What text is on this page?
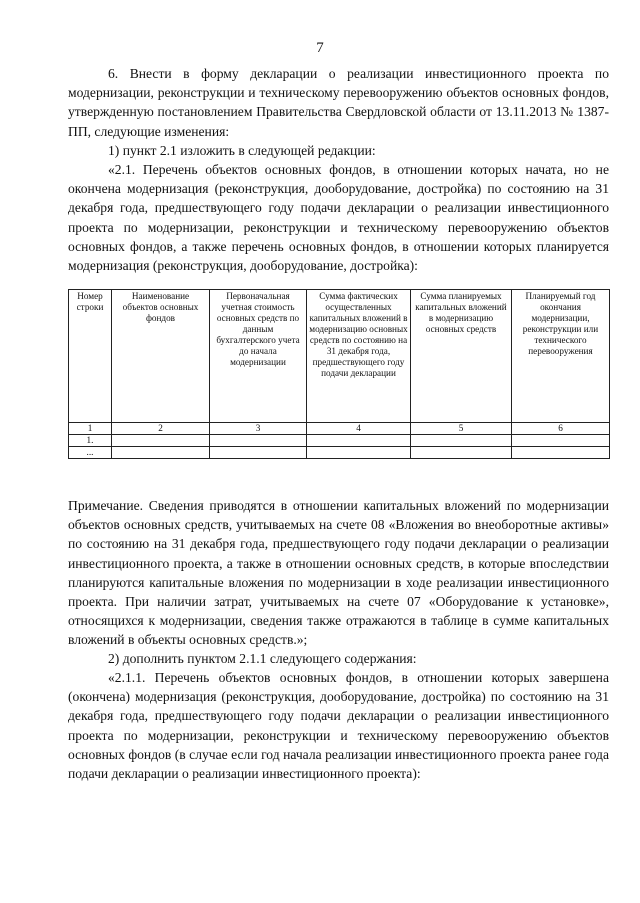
7
6. Внести в форму декларации о реализации инвестиционного проекта по модернизации, реконструкции и техническому перевооружению объектов основных фондов, утвержденную постановлением Правительства Свердловской области от 13.11.2013 № 1387-ПП, следующие изменения:
1) пункт 2.1 изложить в следующей редакции:
«2.1. Перечень объектов основных фондов, в отношении которых начата, но не окончена модернизация (реконструкция, дооборудование, достройка) по состоянию на 31 декабря года, предшествующего году подачи декларации о реализации инвестиционного проекта по модернизации, реконструкции и техническому перевооружению объектов основных фондов, а также перечень основных фондов, в отношении которых планируется модернизация (реконструкция, дооборудование, достройка):
Номер строки	Наименование объектов основных фондов	Первоначальная учетная стоимость основных средств по данным бухгалтерского учета до начала модернизации	Сумма фактических осуществленных капитальных вложений в модернизацию основных средств по состоянию на 31 декабря года, предшествующего году подачи декларации	Сумма планируемых капитальных вложений в модернизацию основных средств	Планируемый год окончания модернизации, реконструкции или технического перевооружения
1	2	3	4	5	6
1.					
...					
Примечание. Сведения приводятся в отношении капитальных вложений по модернизации объектов основных средств, учитываемых на счете 08 «Вложения во внеоборотные активы» по состоянию на 31 декабря года, предшествующего году подачи декларации о реализации инвестиционного проекта, а также в отношении основных средств, в которые впоследствии планируются капитальные вложения по модернизации в ходе реализации инвестиционного проекта. При наличии затрат, учитываемых на счете 07 «Оборудование к установке», относящихся к модернизации, сведения также отражаются в таблице в сумме капитальных вложений в объекты основных средств.»;
2) дополнить пунктом 2.1.1 следующего содержания:
«2.1.1. Перечень объектов основных фондов, в отношении которых завершена (окончена) модернизация (реконструкция, дооборудование, достройка) по состоянию на 31 декабря года, предшествующего году подачи декларации о реализации инвестиционного проекта по модернизации, реконструкции и техническому перевооружению объектов основных фондов (в случае если год начала реализации инвестиционного проекта ранее года подачи декларации о реализации инвестиционного проекта):
